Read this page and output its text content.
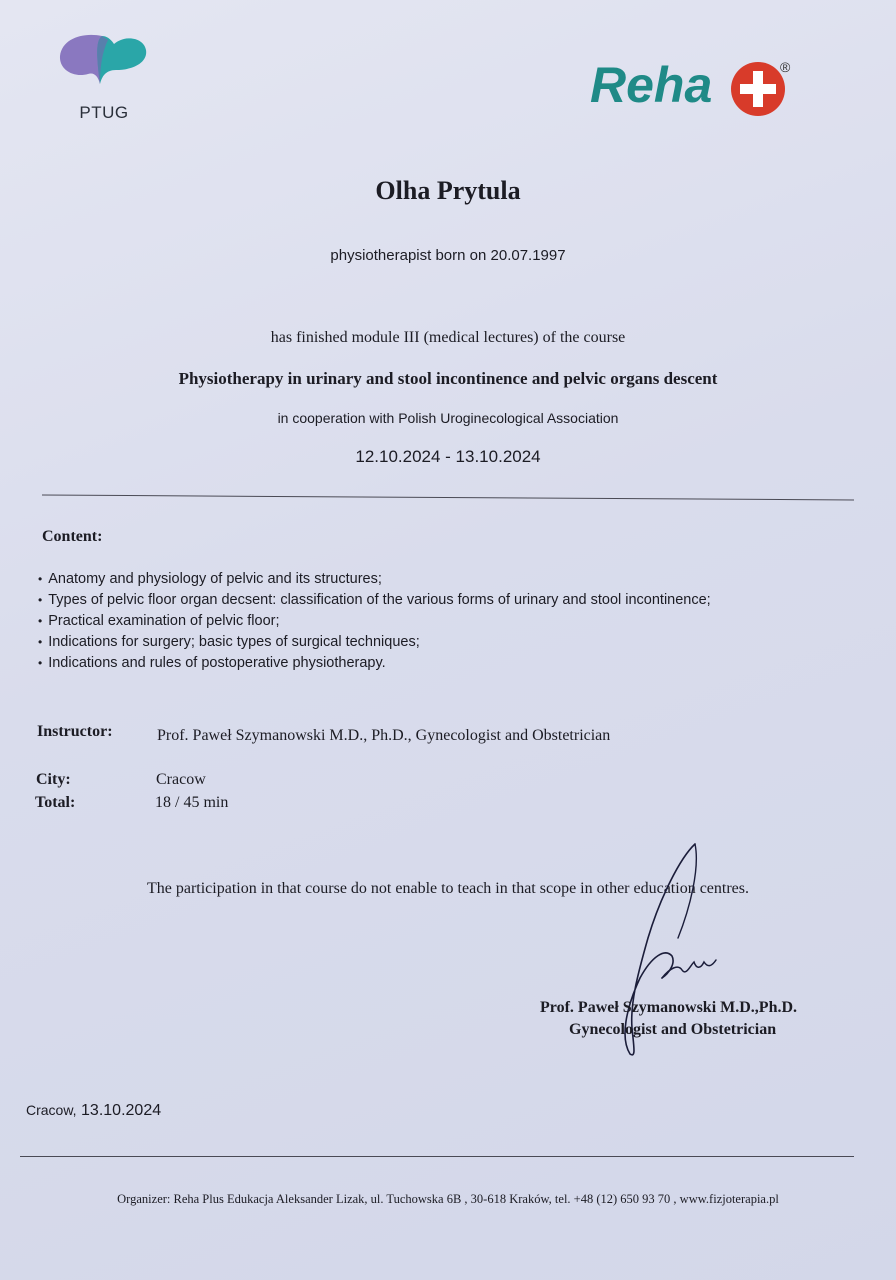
PTUG	Reha	®
Olha Prytula
physiotherapist born on 20.07.1997
has finished module III (medical lectures) of the course
Physiotherapy in urinary and stool incontinence and pelvic organs descent
in cooperation with Polish Uroginecological Association
12.10.2024 - 13.10.2024
Content:
• Anatomy and physiology of pelvic and its structures;
• Types of pelvic floor organ decsent: classification of the various forms of urinary and stool incontinence;
• Practical examination of pelvic floor;
• Indications for surgery; basic types of surgical techniques;
• Indications and rules of postoperative physiotherapy.
Instructor:	Prof. Paweł Szymanowski M.D., Ph.D., Gynecologist and Obstetrician
City:	Cracow
Total:	18 / 45 min
The participation in that course do not enable to teach in that scope in other education centres.
Prof. Paweł Szymanowski M.D.,Ph.D.
Gynecologist and Obstetrician
Cracow, 13.10.2024
Organizer: Reha Plus Edukacja Aleksander Lizak, ul. Tuchowska 6B , 30-618 Kraków, tel. +48 (12) 650 93 70 , www.fizjoterapia.pl
